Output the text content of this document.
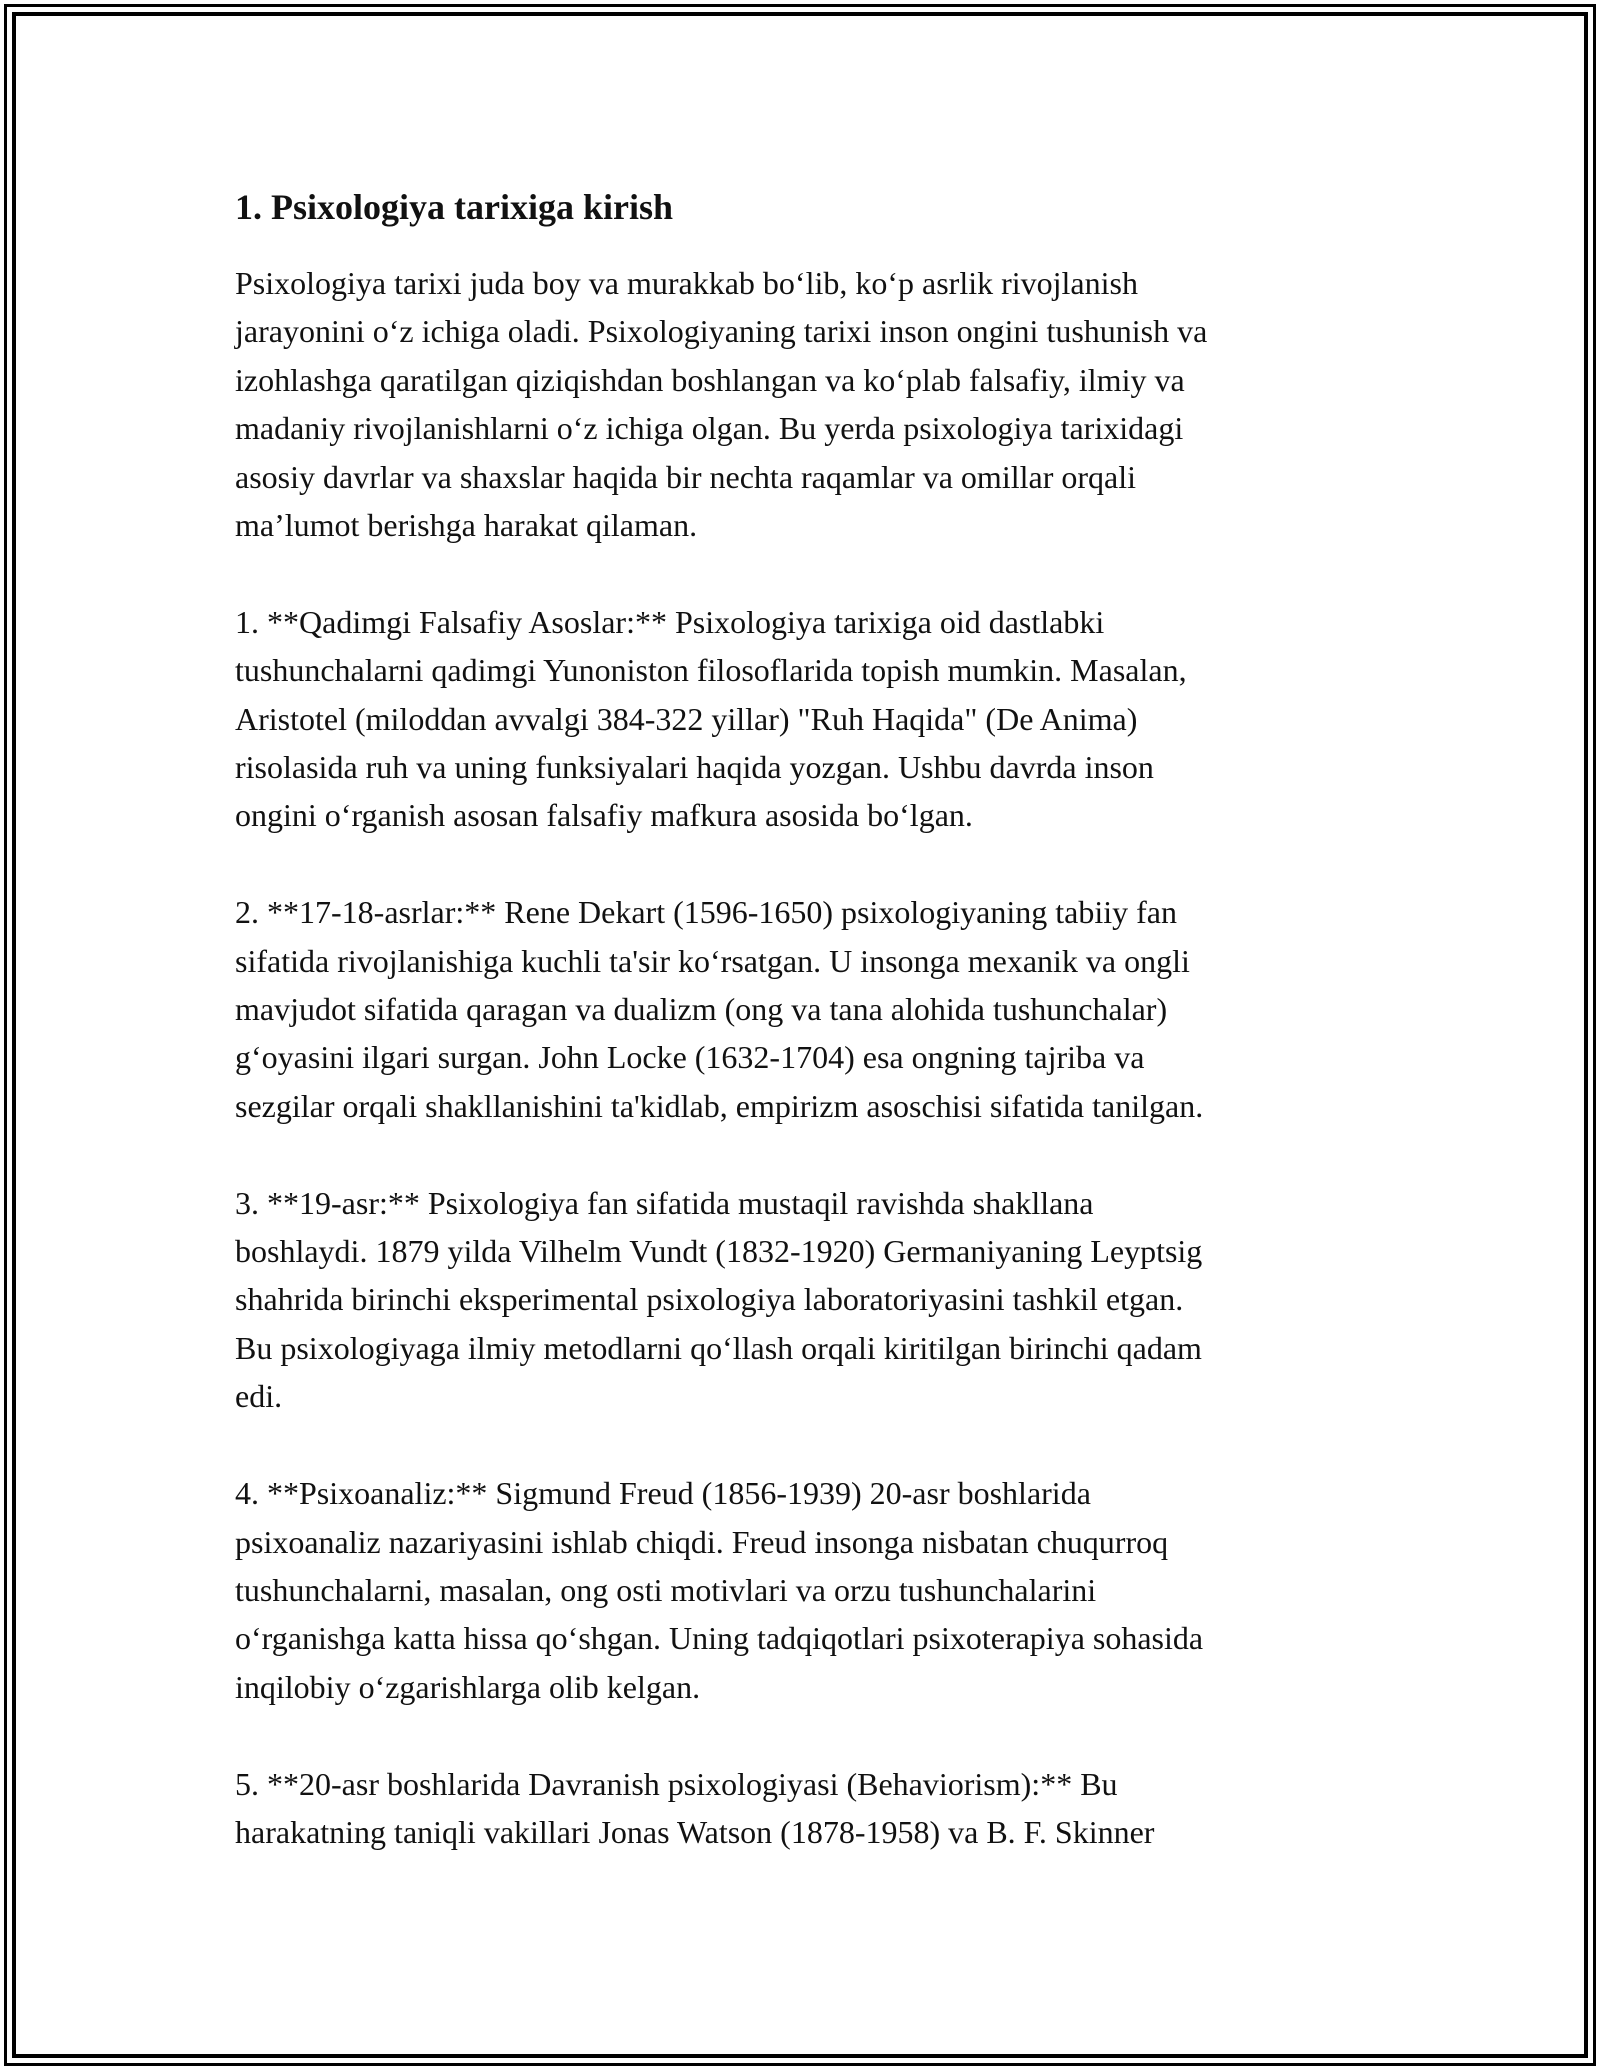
1. Psixologiya tarixiga kirish
Psixologiya tarixi juda boy va murakkab bo‘lib, ko‘p asrlik rivojlanish
jarayonini o‘z ichiga oladi. Psixologiyaning tarixi inson ongini tushunish va
izohlashga qaratilgan qiziqishdan boshlangan va ko‘plab falsafiy, ilmiy va
madaniy rivojlanishlarni o‘z ichiga olgan. Bu yerda psixologiya tarixidagi
asosiy davrlar va shaxslar haqida bir nechta raqamlar va omillar orqali
ma’lumot berishga harakat qilaman.
1. **Qadimgi Falsafiy Asoslar:** Psixologiya tarixiga oid dastlabki
tushunchalarni qadimgi Yunoniston filosoflarida topish mumkin. Masalan,
Aristotel (miloddan avvalgi 384-322 yillar) "Ruh Haqida" (De Anima)
risolasida ruh va uning funksiyalari haqida yozgan. Ushbu davrda inson
ongini o‘rganish asosan falsafiy mafkura asosida bo‘lgan.
2. **17-18-asrlar:** Rene Dekart (1596-1650) psixologiyaning tabiiy fan
sifatida rivojlanishiga kuchli ta'sir ko‘rsatgan. U insonga mexanik va ongli
mavjudot sifatida qaragan va dualizm (ong va tana alohida tushunchalar)
g‘oyasini ilgari surgan. John Locke (1632-1704) esa ongning tajriba va
sezgilar orqali shakllanishini ta'kidlab, empirizm asoschisi sifatida tanilgan.
3. **19-asr:** Psixologiya fan sifatida mustaqil ravishda shakllana
boshlaydi. 1879 yilda Vilhelm Vundt (1832-1920) Germaniyaning Leyptsig
shahrida birinchi eksperimental psixologiya laboratoriyasini tashkil etgan.
Bu psixologiyaga ilmiy metodlarni qo‘llash orqali kiritilgan birinchi qadam
edi.
4. **Psixoanaliz:** Sigmund Freud (1856-1939) 20-asr boshlarida
psixoanaliz nazariyasini ishlab chiqdi. Freud insonga nisbatan chuqurroq
tushunchalarni, masalan, ong osti motivlari va orzu tushunchalarini
o‘rganishga katta hissa qo‘shgan. Uning tadqiqotlari psixoterapiya sohasida
inqilobiy o‘zgarishlarga olib kelgan.
5. **20-asr boshlarida Davranish psixologiyasi (Behaviorism):** Bu
harakatning taniqli vakillari Jonas Watson (1878-1958) va B. F. Skinner
